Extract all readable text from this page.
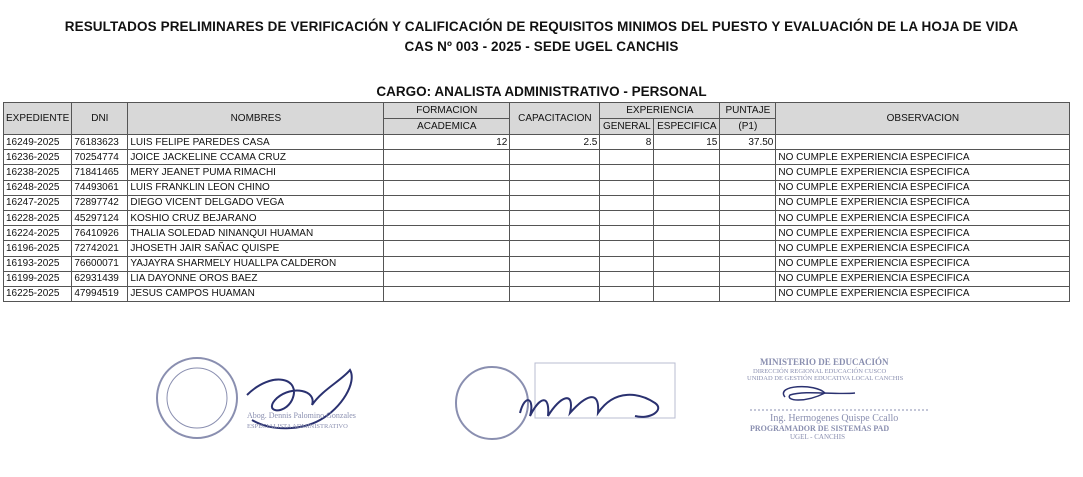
RESULTADOS PRELIMINARES DE VERIFICACIÓN Y CALIFICACIÓN DE REQUISITOS MINIMOS DEL PUESTO Y EVALUACIÓN DE LA HOJA DE VIDA
CAS Nº 003 - 2025 - SEDE UGEL CANCHIS
CARGO: ANALISTA ADMINISTRATIVO - PERSONAL
EXPEDIENTE	DNI	NOMBRES	FORMACION	CAPACITACION	EXPERIENCIA		PUNTAJE	OBSERVACION
			ACADEMICA		GENERAL	ESPECIFICA	(P1)	
16249-2025	76183623	LUIS FELIPE PAREDES CASA	12	2.5	8	15	37.50	
16236-2025	70254774	JOICE JACKELINE CCAMA CRUZ						NO CUMPLE EXPERIENCIA ESPECIFICA
16238-2025	71841465	MERY JEANET PUMA RIMACHI						NO CUMPLE EXPERIENCIA ESPECIFICA
16248-2025	74493061	LUIS FRANKLIN LEON CHINO						NO CUMPLE EXPERIENCIA ESPECIFICA
16247-2025	72897742	DIEGO VICENT DELGADO VEGA						NO CUMPLE EXPERIENCIA ESPECIFICA
16228-2025	45297124	KOSHIO CRUZ BEJARANO						NO CUMPLE EXPERIENCIA ESPECIFICA
16224-2025	76410926	THALIA SOLEDAD NINANQUI HUAMAN						NO CUMPLE EXPERIENCIA ESPECIFICA
16196-2025	72742021	JHOSETH JAIR SAÑAC QUISPE						NO CUMPLE EXPERIENCIA ESPECIFICA
16193-2025	76600071	YAJAYRA SHARMELY HUALLPA CALDERON						NO CUMPLE EXPERIENCIA ESPECIFICA
16199-2025	62931439	LIA DAYONNE OROS BAEZ						NO CUMPLE EXPERIENCIA ESPECIFICA
16225-2025	47994519	JESUS CAMPOS HUAMAN						NO CUMPLE EXPERIENCIA ESPECIFICA
Abog. Dennis Palomino Gonzales
ESPECIALISTA ADMINISTRATIVO
MINISTERIO DE EDUCACIÓN
DIRECCIÓN REGIONAL EDUCACIÓN CUSCO
UNIDAD DE GESTIÓN EDUCATIVA LOCAL CANCHIS
Ing. Hermogenes Quispe Ccallo
PROGRAMADOR DE SISTEMAS PAD
UGEL - CANCHIS
